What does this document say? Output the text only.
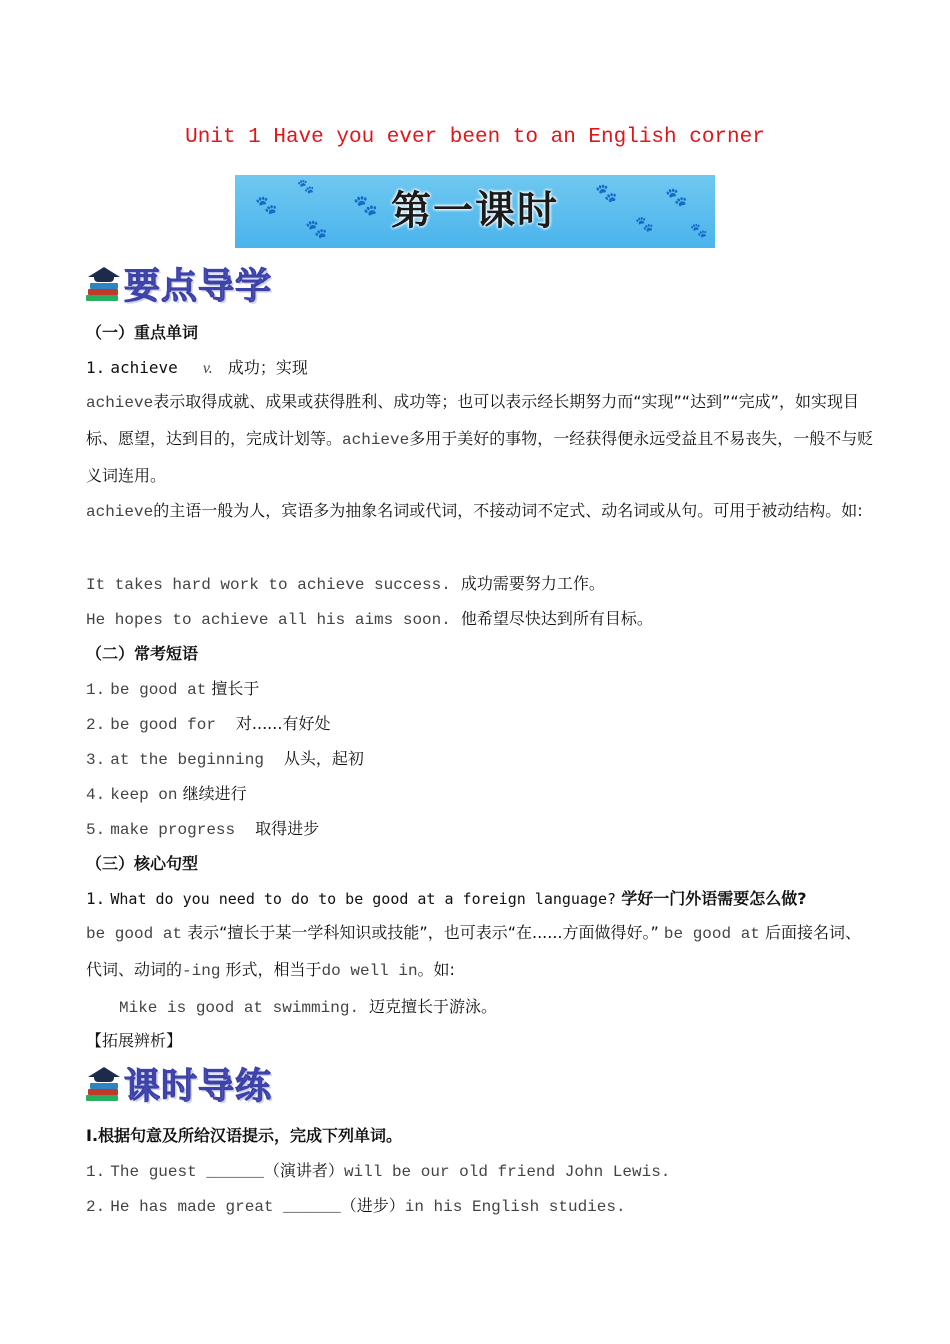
Unit 1 Have you ever been to an English corner
🐾
🐾
🐾
🐾	🐾
🐾
🐾
🐾
第一课时
要点导学
（一）重点单词
1. achieve v. 成功；实现
achieve表示取得成就、成果或获得胜利、成功等；也可以表示经长期努力而“实现”“达到”“完成”，如实现目标、愿望，达到目的，完成计划等。achieve多用于美好的事物，一经获得便永远受益且不易丧失，一般不与贬义词连用。
achieve的主语一般为人，宾语多为抽象名词或代词，不接动词不定式、动名词或从句。可用于被动结构。如:
It takes hard work to achieve success. 成功需要努力工作。
He hopes to achieve all his aims soon. 他希望尽快达到所有目标。
（二）常考短语
1. be good at 擅长于
2. be good for 对......有好处
3. at the beginning 从头，起初
4. keep on 继续进行
5. make progress 取得进步
（三）核心句型
1. What do you need to do to be good at a foreign language? 学好一门外语需要怎么做?
be good at 表示“擅长于某一学科知识或技能”，也可表示“在......方面做得好。” be good at 后面接名词、代词、动词的-ing 形式，相当于do well in。如:
Mike is good at swimming. 迈克擅长于游泳。
【拓展辨析】
课时导练
I.根据句意及所给汉语提示，完成下列单词。
1. The guest ______（演讲者）will be our old friend John Lewis.
2. He has made great ______（进步）in his English studies.
